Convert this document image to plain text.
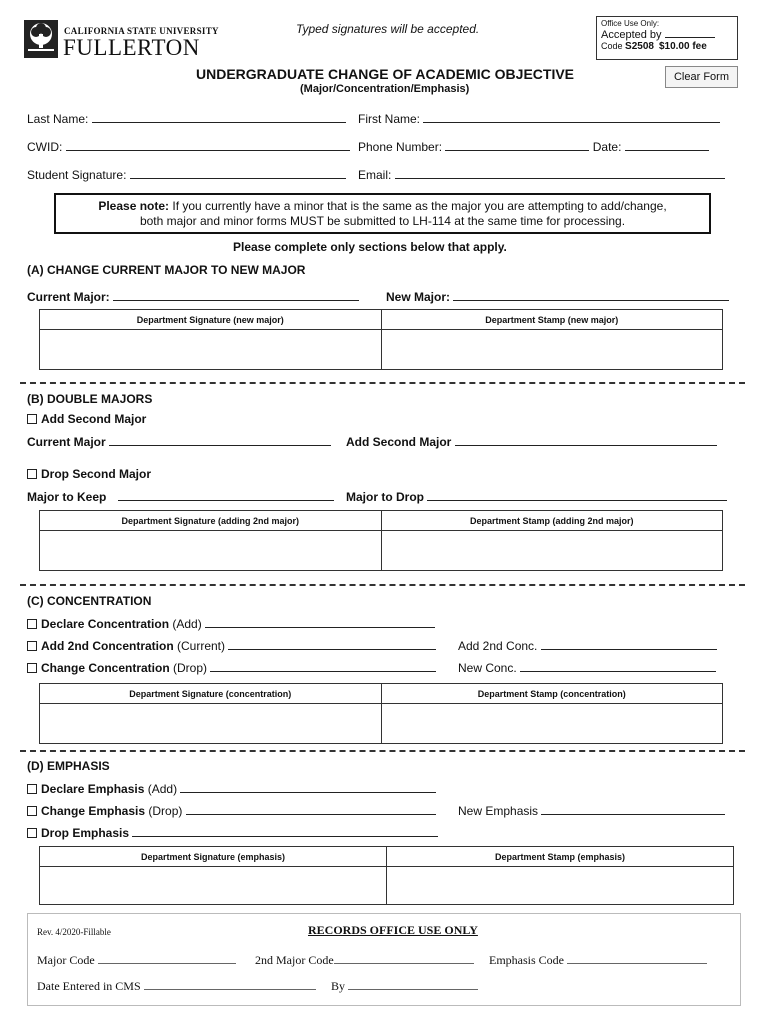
CALIFORNIA STATE UNIVERSITY
FULLERTON
Typed signatures will be accepted.	Office Use Only:
Accepted by
Code S2508 $10.00 fee
UNDERGRADUATE CHANGE OF ACADEMIC OBJECTIVE
(Major/Concentration/Emphasis)
Clear Form
Last Name:	First Name:
CWID:	Phone Number:	Date:
Student Signature:	Email:
Please note: If you currently have a minor that is the same as the major you are attempting to add/change,
both major and minor forms MUST be submitted to LH-114 at the same time for processing.
Please complete only sections below that apply.
(A) CHANGE CURRENT MAJOR TO NEW MAJOR
Current Major:	New Major:
Department Signature (new major)	Department Stamp (new major)
(B) DOUBLE MAJORS
Add Second Major
Current Major	Add Second Major
Drop Second Major
Major to Keep	Major to Drop
Department Signature (adding 2nd major)	Department Stamp (adding 2nd major)
(C) CONCENTRATION
Declare Concentration (Add)
Add 2nd Concentration (Current)	Add 2nd Conc.
Change Concentration (Drop)	New Conc.
Department Signature (concentration)	Department Stamp (concentration)
(D) EMPHASIS
Declare Emphasis (Add)
Change Emphasis (Drop)	New Emphasis
Drop Emphasis
Department Signature (emphasis)	Department Stamp (emphasis)
Rev. 4/2020-Fillable	RECORDS OFFICE USE ONLY
Major Code	2nd Major Code	Emphasis Code
Date Entered in CMS	By
